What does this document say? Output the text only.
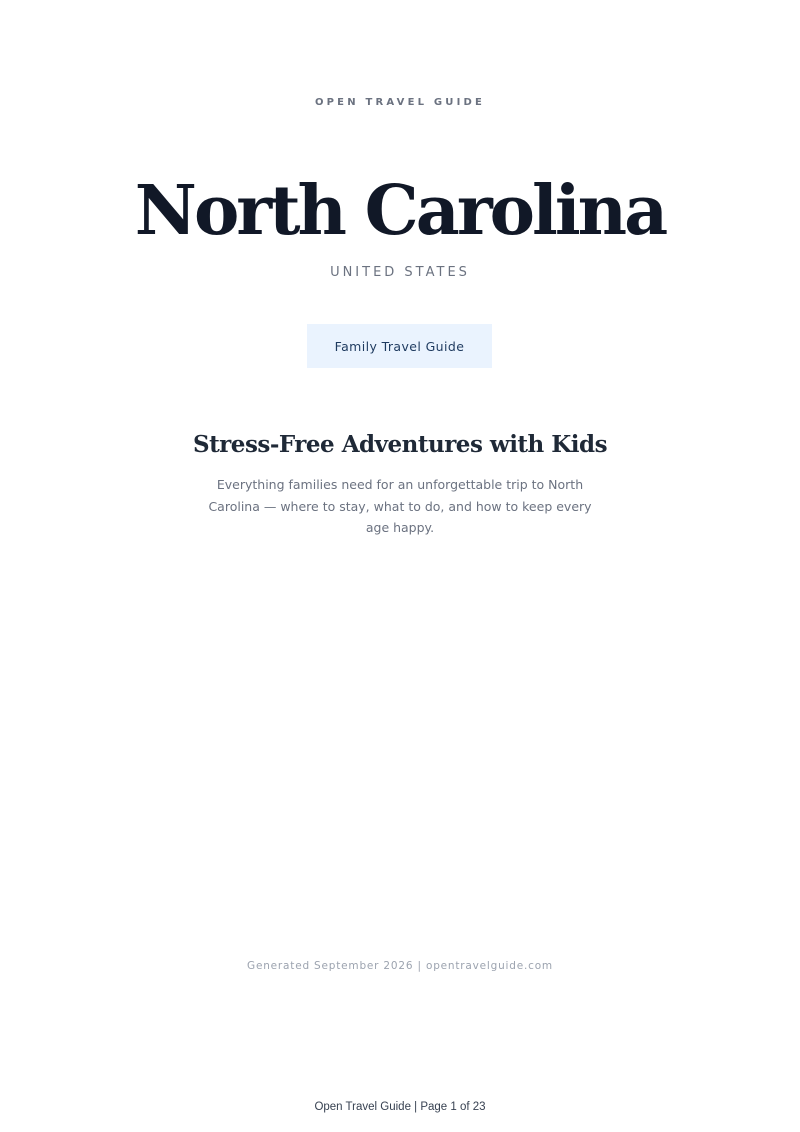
OPEN TRAVEL GUIDE
North Carolina
UNITED STATES
Family Travel Guide
Stress-Free Adventures with Kids
Everything families need for an unforgettable trip to North Carolina — where to stay, what to do, and how to keep every age happy.
Generated September 2026 | opentravelguide.com
Open Travel Guide | Page 1 of 23
